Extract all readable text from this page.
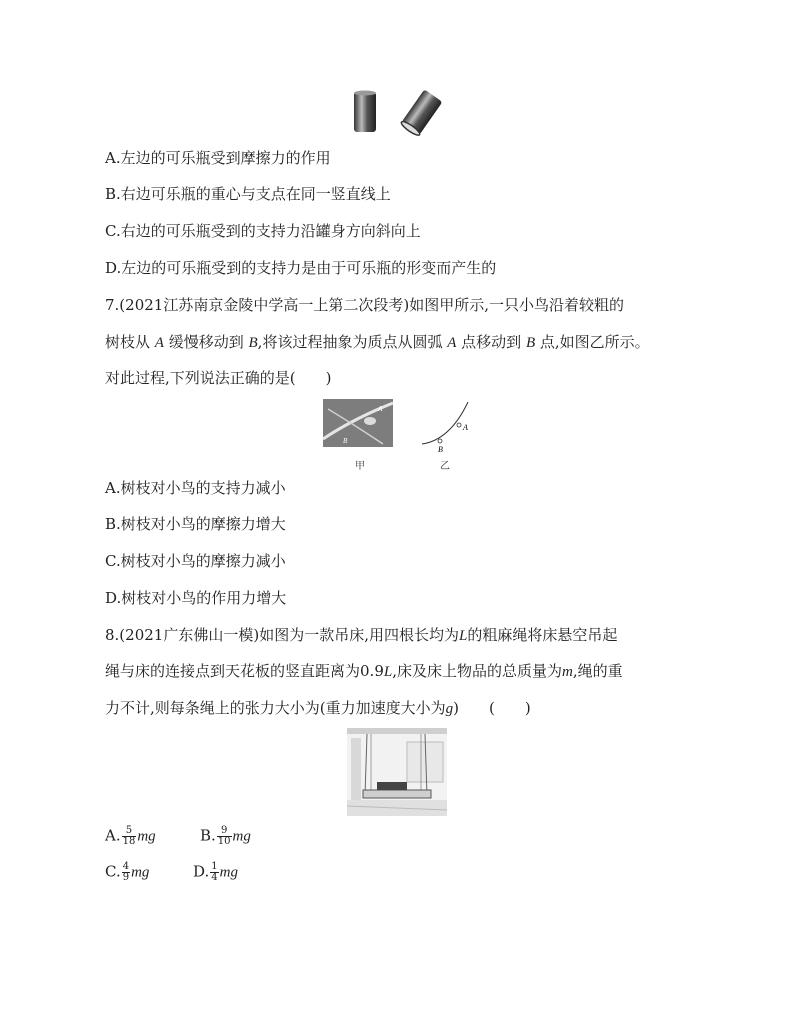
A.左边的可乐瓶受到摩擦力的作用
B.右边可乐瓶的重心与支点在同一竖直线上
C.右边的可乐瓶受到的支持力沿罐身方向斜向上
D.左边的可乐瓶受到的支持力是由于可乐瓶的形变而产生的
7.(2021江苏南京金陵中学高一上第二次段考)如图甲所示,一只小鸟沿着较粗的
树枝从 A 缓慢移动到 B,将该过程抽象为质点从圆弧 A 点移动到 B 点,如图乙所示。
对此过程,下列说法正确的是(　　)
B
A
甲
A
B
乙
A.树枝对小鸟的支持力减小
B.树枝对小鸟的摩擦力增大
C.树枝对小鸟的摩擦力减小
D.树枝对小鸟的作用力增大
8.(2021广东佛山一模)如图为一款吊床,用四根长均为L的粗麻绳将床悬空吊起
绳与床的连接点到天花板的竖直距离为0.9L,床及床上物品的总质量为m,绳的重
力不计,则每条绳上的张力大小为(重力加速度大小为g)　　(　　)
A. $\frac{5}{18}$ mg	B. $\frac{9}{10}$ mg
C. $\frac{4}{9}$ mg	D. $\frac{1}{4}$ mg
